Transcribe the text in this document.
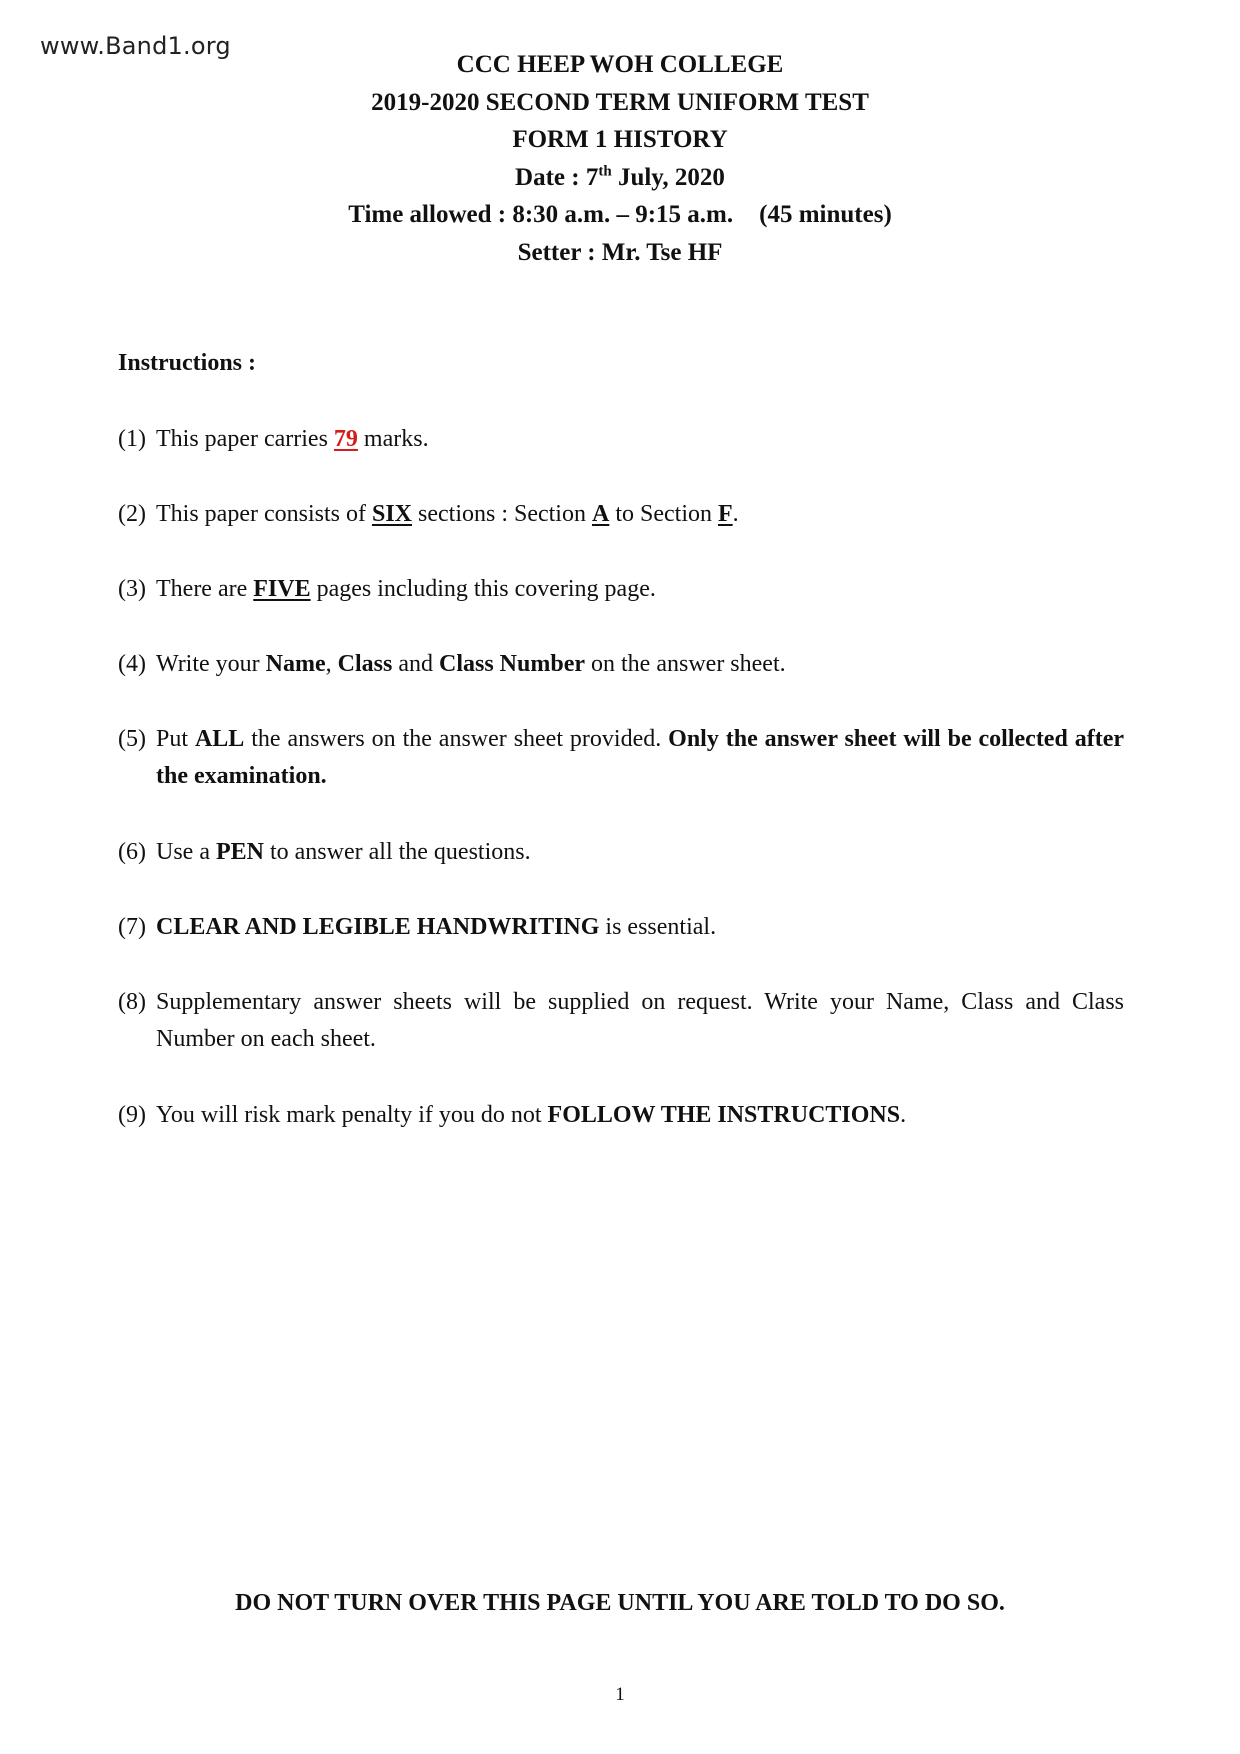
www.Band1.org
CCC HEEP WOH COLLEGE
2019-2020 SECOND TERM UNIFORM TEST
FORM 1 HISTORY
Date : 7th July, 2020
Time allowed : 8:30 a.m. – 9:15 a.m. (45 minutes)
Setter : Mr. Tse HF
Instructions :
(1) This paper carries 79 marks.
(2) This paper consists of SIX sections : Section A to Section F.
(3) There are FIVE pages including this covering page.
(4) Write your Name, Class and Class Number on the answer sheet.
(5) Put ALL the answers on the answer sheet provided. Only the answer sheet will be collected after the examination.
(6) Use a PEN to answer all the questions.
(7) CLEAR AND LEGIBLE HANDWRITING is essential.
(8) Supplementary answer sheets will be supplied on request. Write your Name, Class and Class Number on each sheet.
(9) You will risk mark penalty if you do not FOLLOW THE INSTRUCTIONS.
DO NOT TURN OVER THIS PAGE UNTIL YOU ARE TOLD TO DO SO.
1
